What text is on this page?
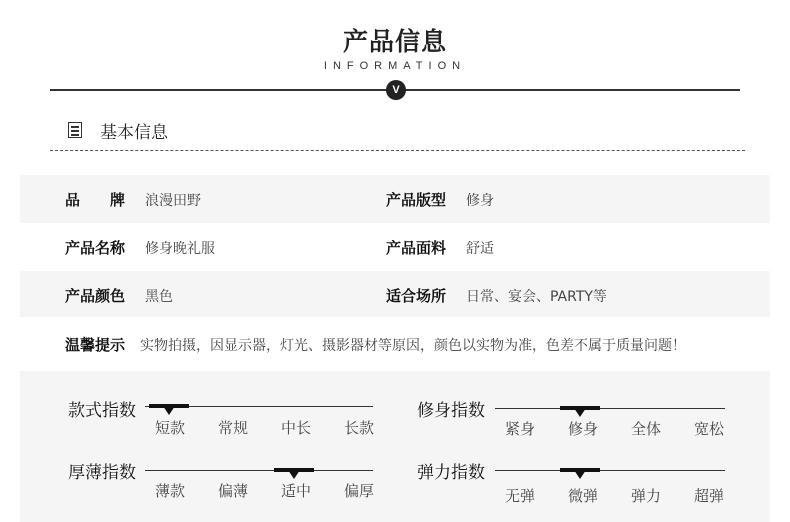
产品信息
INFORMATION
V
基本信息
品　　牌 浪漫田野	产品版型 修身
产品名称 修身晚礼服	产品面料 舒适
产品颜色 黑色	适合场所 日常、宴会、PARTY等
温馨提示 实物拍摄，因显示器，灯光、摄影器材等原因，颜色以实物为准，色差不属于质量问题！
款式指数
短款	常规	中长	长款
修身指数
紧身	修身	全体	宽松
厚薄指数
薄款	偏薄	适中	偏厚
弹力指数
无弹	微弹	弹力	超弹
